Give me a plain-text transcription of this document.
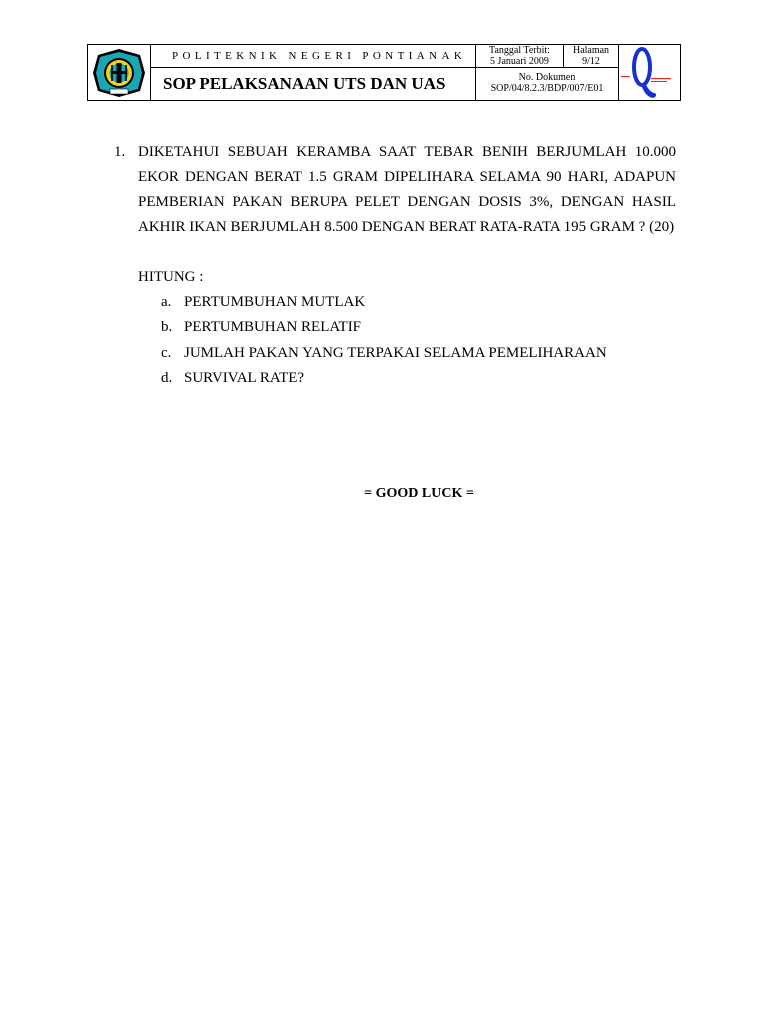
POLITEKNIK NEGERI PONTIANAK
SOP PELAKSANAAN UTS DAN UAS
Tanggal Terbit:
5 Januari 2009
Halaman
9/12
No. Dokumen
SOP/04/8.2.3/BDP/007/E01
1. DIKETAHUI SEBUAH KERAMBA SAAT TEBAR BENIH BERJUMLAH 10.000 EKOR DENGAN BERAT 1.5 GRAM DIPELIHARA SELAMA 90 HARI, ADAPUN PEMBERIAN PAKAN BERUPA PELET DENGAN DOSIS 3%, DENGAN HASIL AKHIR IKAN BERJUMLAH 8.500 DENGAN BERAT RATA-RATA 195 GRAM ? (20)

HITUNG :

a. PERTUMBUHAN MUTLAK
b. PERTUMBUHAN RELATIF
c. JUMLAH PAKAN YANG TERPAKAI SELAMA PEMELIHARAAN
d. SURVIVAL RATE?

= GOOD LUCK =
